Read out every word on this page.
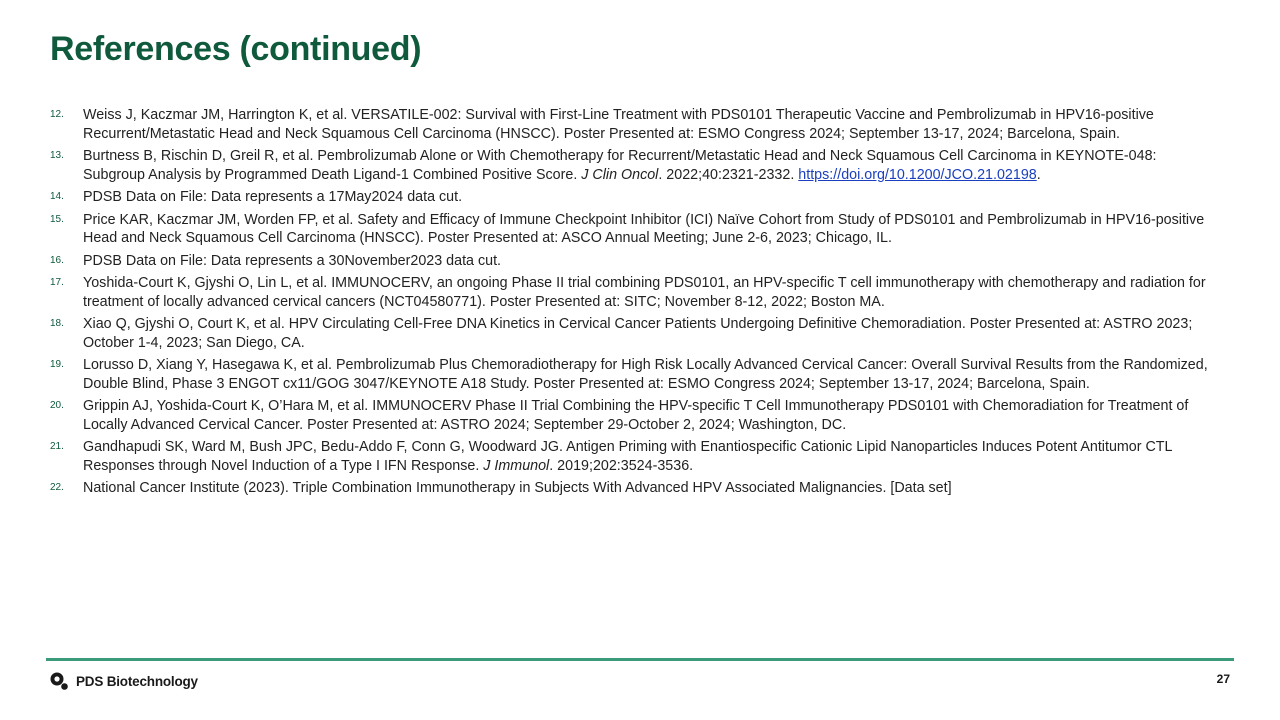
References (continued)
12.	Weiss J, Kaczmar JM, Harrington K, et al. VERSATILE-002: Survival with First-Line Treatment with PDS0101 Therapeutic Vaccine and Pembrolizumab in HPV16-positive Recurrent/Metastatic Head and Neck Squamous Cell Carcinoma (HNSCC). Poster Presented at: ESMO Congress 2024; September 13-17, 2024; Barcelona, Spain.
13.	Burtness B, Rischin D, Greil R, et al. Pembrolizumab Alone or With Chemotherapy for Recurrent/Metastatic Head and Neck Squamous Cell Carcinoma in KEYNOTE-048: Subgroup Analysis by Programmed Death Ligand-1 Combined Positive Score. J Clin Oncol. 2022;40:2321-2332. https://doi.org/10.1200/JCO.21.02198.
14.	PDSB Data on File: Data represents a 17May2024 data cut.
15.	Price KAR, Kaczmar JM, Worden FP, et al. Safety and Efficacy of Immune Checkpoint Inhibitor (ICI) Naïve Cohort from Study of PDS0101 and Pembrolizumab in HPV16-positive Head and Neck Squamous Cell Carcinoma (HNSCC). Poster Presented at: ASCO Annual Meeting; June 2-6, 2023; Chicago, IL.
16.	PDSB Data on File: Data represents a 30November2023 data cut.
17.	Yoshida-Court K, Gjyshi O, Lin L, et al. IMMUNOCERV, an ongoing Phase II trial combining PDS0101, an HPV-specific T cell immunotherapy with chemotherapy and radiation for treatment of locally advanced cervical cancers (NCT04580771). Poster Presented at: SITC; November 8-12, 2022; Boston MA.
18.	Xiao Q, Gjyshi O, Court K, et al. HPV Circulating Cell-Free DNA Kinetics in Cervical Cancer Patients Undergoing Definitive Chemoradiation. Poster Presented at: ASTRO 2023; October 1-4, 2023; San Diego, CA.
19.	Lorusso D, Xiang Y, Hasegawa K, et al. Pembrolizumab Plus Chemoradiotherapy for High Risk Locally Advanced Cervical Cancer: Overall Survival Results from the Randomized, Double Blind, Phase 3 ENGOT cx11/GOG 3047/KEYNOTE A18 Study. Poster Presented at: ESMO Congress 2024; September 13-17, 2024; Barcelona, Spain.
20.	Grippin AJ, Yoshida-Court K, O’Hara M, et al. IMMUNOCERV Phase II Trial Combining the HPV-specific T Cell Immunotherapy PDS0101 with Chemoradiation for Treatment of Locally Advanced Cervical Cancer. Poster Presented at: ASTRO 2024; September 29-October 2, 2024; Washington, DC.
21.	Gandhapudi SK, Ward M, Bush JPC, Bedu-Addo F, Conn G, Woodward JG. Antigen Priming with Enantiospecific Cationic Lipid Nanoparticles Induces Potent Antitumor CTL Responses through Novel Induction of a Type I IFN Response. J Immunol. 2019;202:3524-3536.
22.	National Cancer Institute (2023). Triple Combination Immunotherapy in Subjects With Advanced HPV Associated Malignancies. [Data set]
PDS Biotechnology	27
